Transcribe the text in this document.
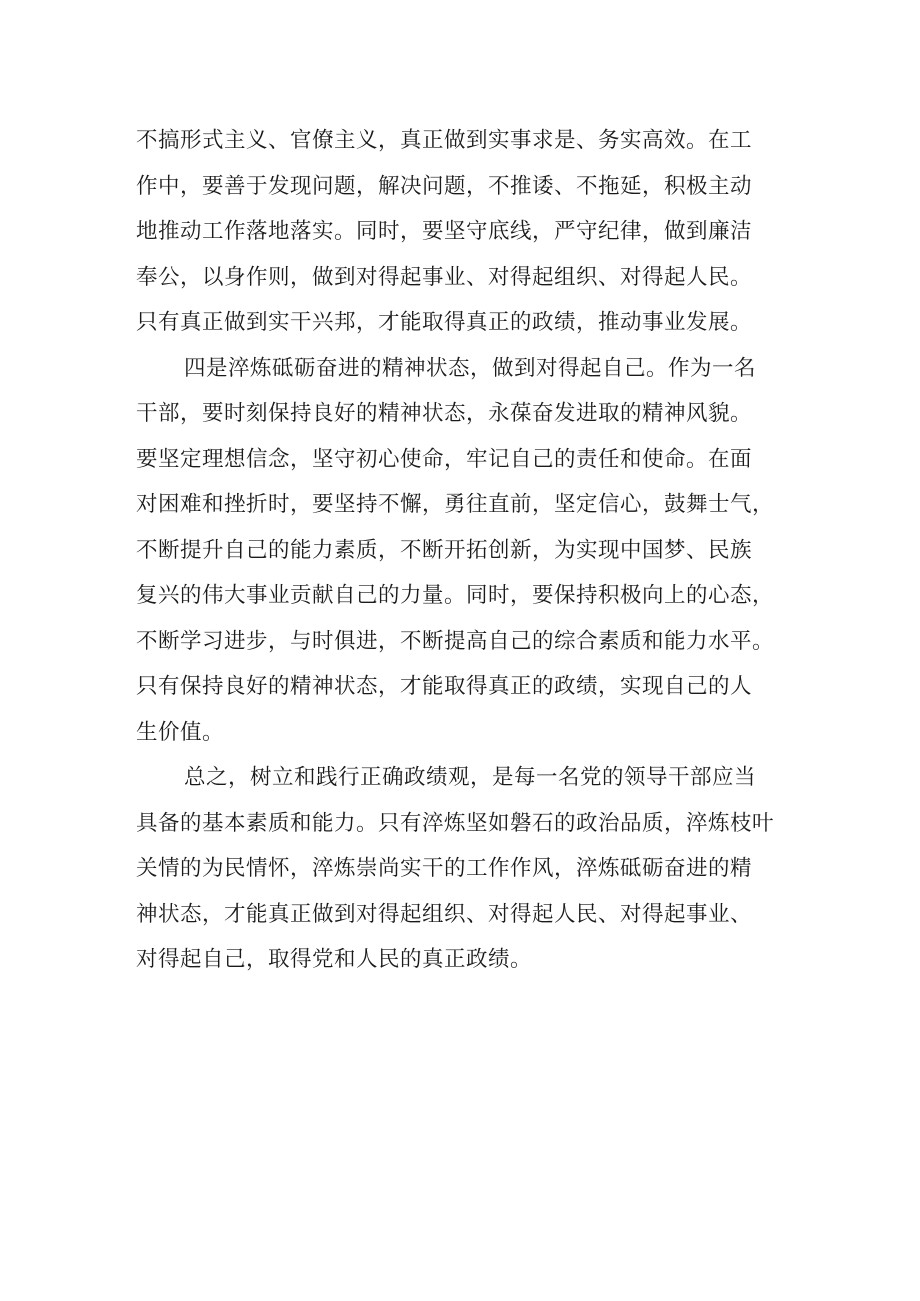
不搞形式主义、官僚主义，真正做到实事求是、务实高效。在工
作中，要善于发现问题，解决问题，不推诿、不拖延，积极主动
地推动工作落地落实。同时，要坚守底线，严守纪律，做到廉洁
奉公，以身作则，做到对得起事业、对得起组织、对得起人民。
只有真正做到实干兴邦，才能取得真正的政绩，推动事业发展。
四是淬炼砥砺奋进的精神状态，做到对得起自己。作为一名
干部，要时刻保持良好的精神状态，永葆奋发进取的精神风貌。
要坚定理想信念，坚守初心使命，牢记自己的责任和使命。在面
对困难和挫折时，要坚持不懈，勇往直前，坚定信心，鼓舞士气，
不断提升自己的能力素质，不断开拓创新，为实现中国梦、民族
复兴的伟大事业贡献自己的力量。同时，要保持积极向上的心态，
不断学习进步，与时俱进，不断提高自己的综合素质和能力水平。
只有保持良好的精神状态，才能取得真正的政绩，实现自己的人
生价值。
总之，树立和践行正确政绩观，是每一名党的领导干部应当
具备的基本素质和能力。只有淬炼坚如磐石的政治品质，淬炼枝叶
关情的为民情怀，淬炼崇尚实干的工作作风，淬炼砥砺奋进的精
神状态，才能真正做到对得起组织、对得起人民、对得起事业、
对得起自己，取得党和人民的真正政绩。
